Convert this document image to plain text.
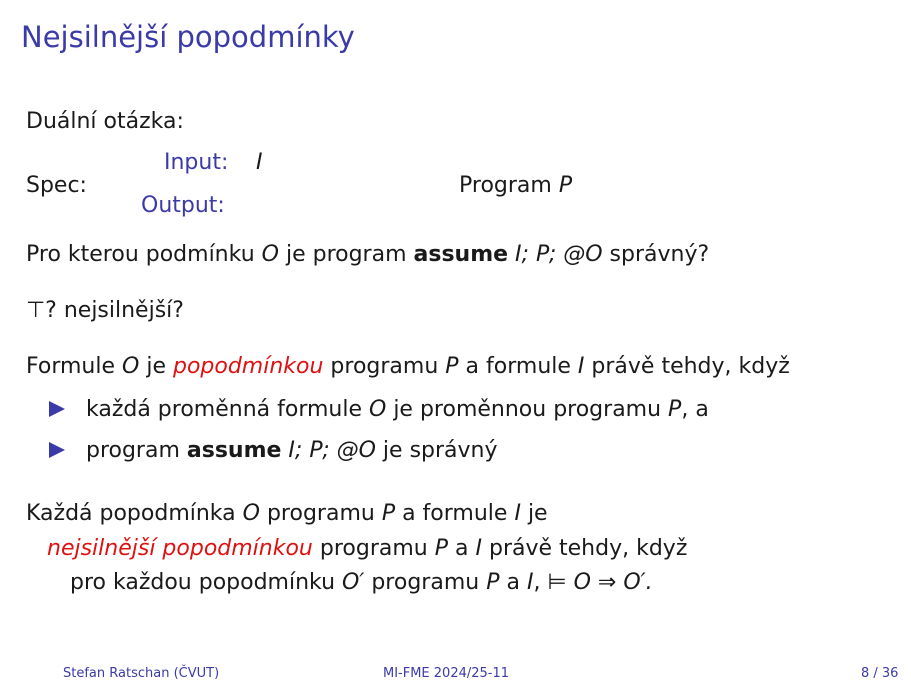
Nejsilnější popodmínky
Duální otázka:
Spec:
Input: I
Output:
Program P
Pro kterou podmínku O je program assume I; P; @O správný?
⊤? nejsilnější?
Formule O je popodmínkou programu P a formule I právě tehdy, když
každá proměnná formule O je proměnnou programu P, a
program assume I; P; @O je správný
Každá popodmínka O programu P a formule I je
nejsilnější popodmínkou programu P a I právě tehdy, když
pro každou popodmínku O′ programu P a I, ⊨ O ⇒ O′.
Stefan Ratschan (ČVUT)	MI-FME 2024/25-11	8 / 36
